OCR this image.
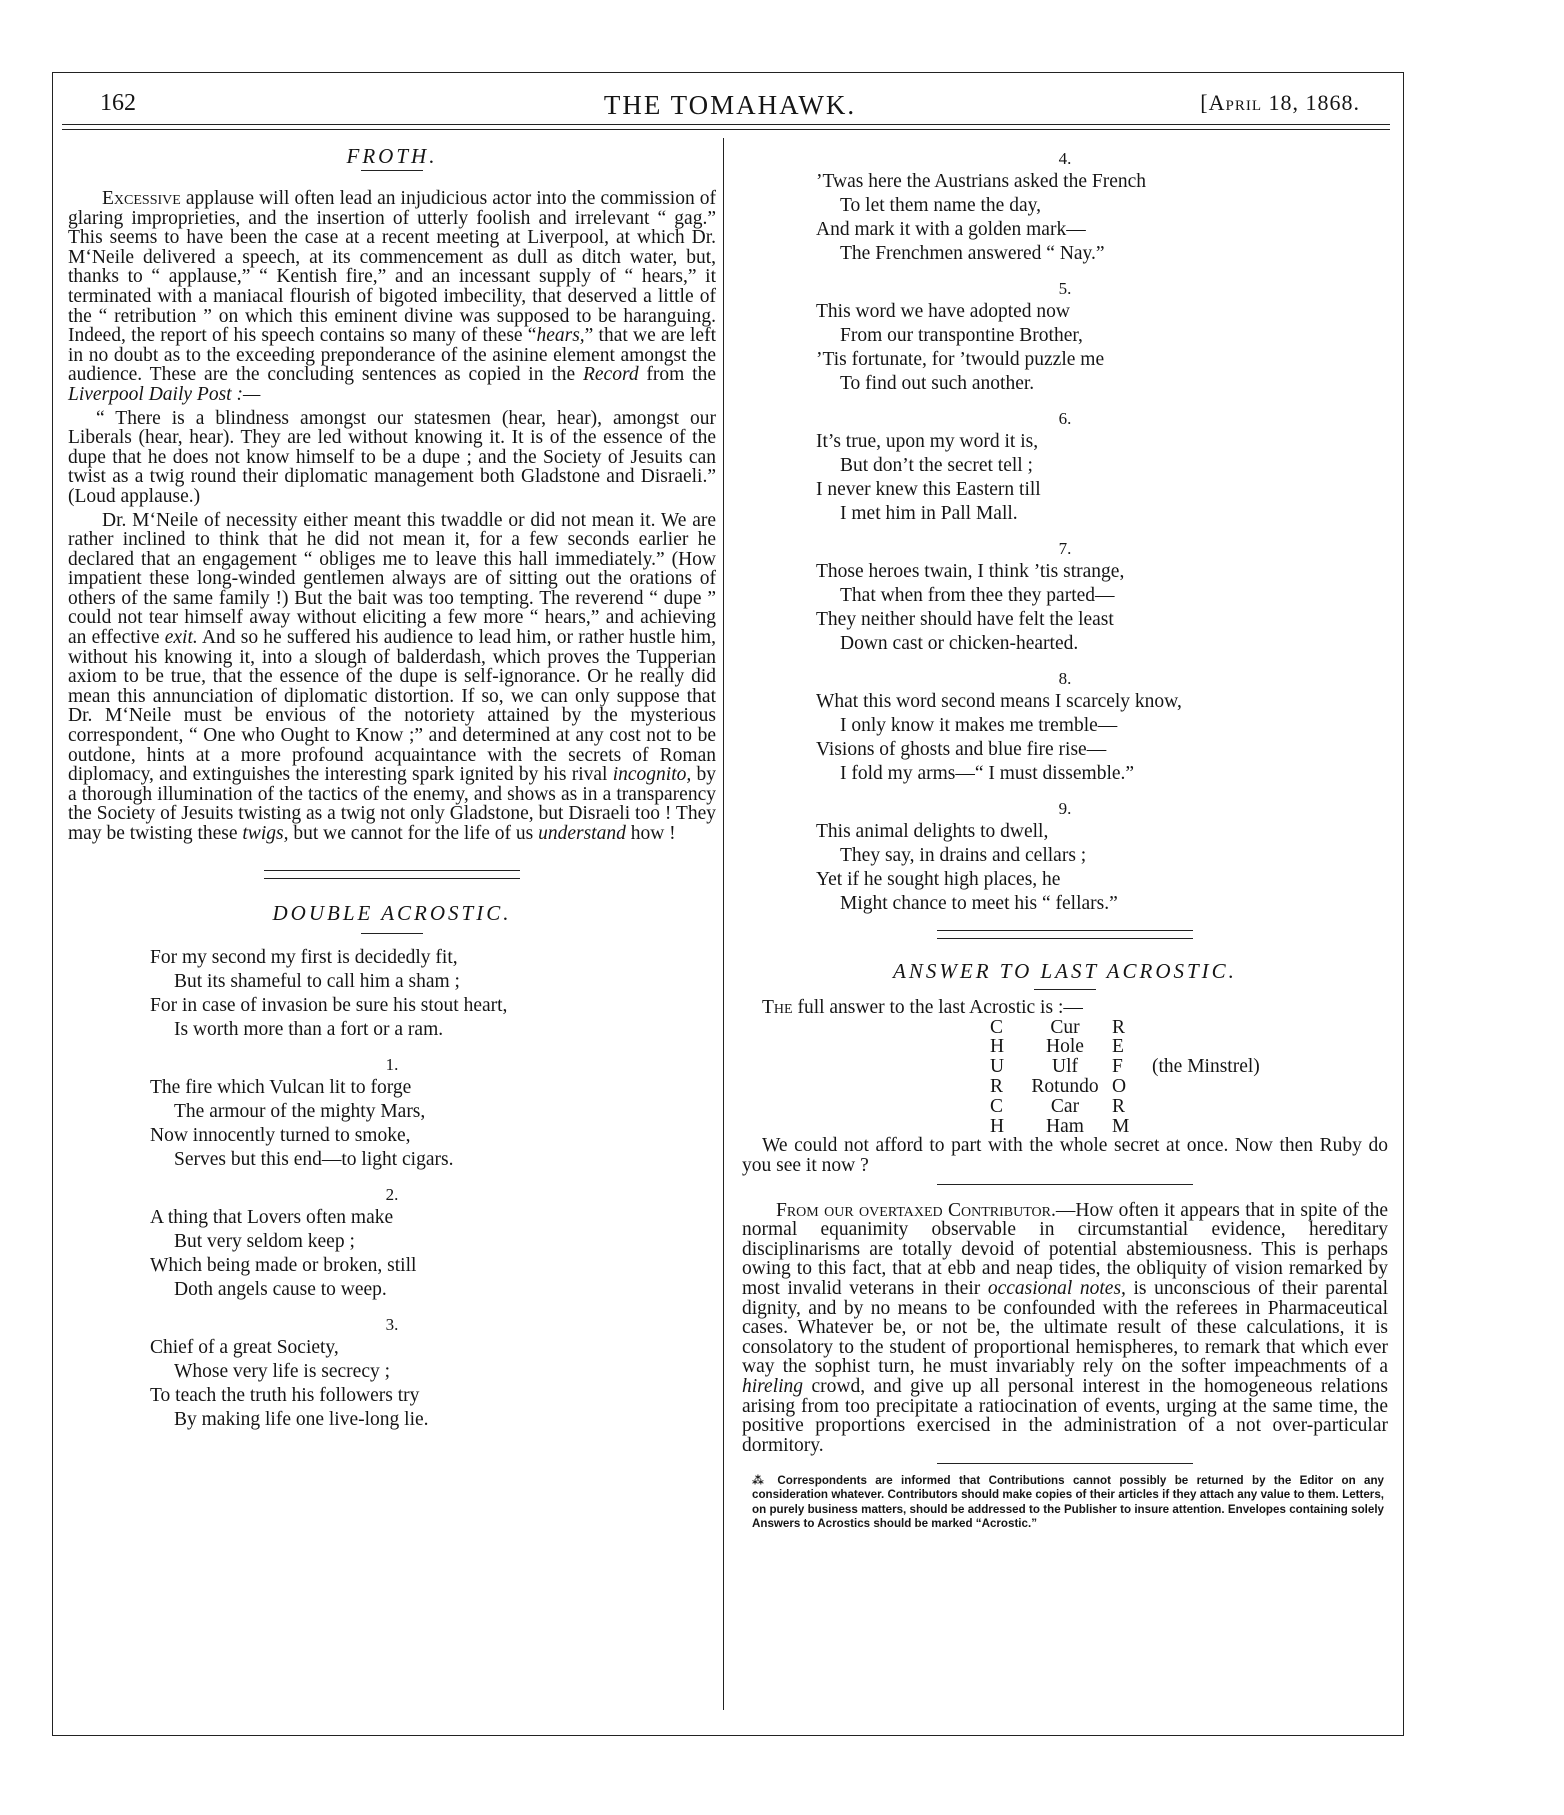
162	THE TOMAHAWK.	[April 18, 1868.
FROTH.

Excessive applause will often lead an injudicious actor into the commission of glaring improprieties, and the insertion of utterly foolish and irrelevant “ gag.” This seems to have been the case at a recent meeting at Liverpool, at which Dr. M‘Neile delivered a speech, at its commencement as dull as ditch water, but, thanks to “ applause,” “ Kentish fire,” and an incessant supply of “ hears,” it terminated with a maniacal flourish of bigoted imbecility, that deserved a little of the “ retribution ” on which this eminent divine was supposed to be haranguing. Indeed, the report of his speech contains so many of these “hears,” that we are left in no doubt as to the exceeding preponderance of the asinine element amongst the audience. These are the concluding sentences as copied in the Record from the Liverpool Daily Post :—

“ There is a blindness amongst our statesmen (hear, hear), amongst our Liberals (hear, hear). They are led without knowing it. It is of the essence of the dupe that he does not know himself to be a dupe ; and the Society of Jesuits can twist as a twig round their diplomatic management both Gladstone and Disraeli.” (Loud applause.)

Dr. M‘Neile of necessity either meant this twaddle or did not mean it. We are rather inclined to think that he did not mean it, for a few seconds earlier he declared that an engagement “ obliges me to leave this hall immediately.” (How impatient these long-winded gentlemen always are of sitting out the orations of others of the same family !) But the bait was too tempting. The reverend “ dupe ” could not tear himself away without eliciting a few more “ hears,” and achieving an effective exit. And so he suffered his audience to lead him, or rather hustle him, without his knowing it, into a slough of balderdash, which proves the Tupperian axiom to be true, that the essence of the dupe is self-ignorance. Or he really did mean this annunciation of diplomatic distortion. If so, we can only suppose that Dr. M‘Neile must be envious of the notoriety attained by the mysterious correspondent, “ One who Ought to Know ;” and determined at any cost not to be outdone, hints at a more profound acquaintance with the secrets of Roman diplomacy, and extinguishes the interesting spark ignited by his rival incognito, by a thorough illumination of the tactics of the enemy, and shows as in a transparency the Society of Jesuits twisting as a twig not only Gladstone, but Disraeli too ! They may be twisting these twigs, but we cannot for the life of us understand how !

DOUBLE ACROSTIC.
For my second my first is decidedly fit,
But its shameful to call him a sham ;
For in case of invasion be sure his stout heart,
Is worth more than a fort or a ram.
1.
The fire which Vulcan lit to forge
The armour of the mighty Mars,
Now innocently turned to smoke,
Serves but this end—to light cigars.
2.
A thing that Lovers often make
But very seldom keep ;
Which being made or broken, still
Doth angels cause to weep.
3.
Chief of a great Society,
Whose very life is secrecy ;
To teach the truth his followers try
By making life one live-long lie.
4.
’Twas here the Austrians asked the French
To let them name the day,
And mark it with a golden mark—
The Frenchmen answered “ Nay.”
5.
This word we have adopted now
From our transpontine Brother,
’Tis fortunate, for ’twould puzzle me
To find out such another.
6.
It’s true, upon my word it is,
But don’t the secret tell ;
I never knew this Eastern till
I met him in Pall Mall.
7.
Those heroes twain, I think ’tis strange,
That when from thee they parted—
They neither should have felt the least
Down cast or chicken-hearted.
8.
What this word second means I scarcely know,
I only know it makes me tremble—
Visions of ghosts and blue fire rise—
I fold my arms—“ I must dissemble.”
9.
This animal delights to dwell,
They say, in drains and cellars ;
Yet if he sought high places, he
Might chance to meet his “ fellars.”
ANSWER TO LAST ACROSTIC.

The full answer to the last Acrostic is :—

C	Cur	R	
H	Hole	E	
U	Ulf	F	(the Minstrel)
R	Rotundo	O	
C	Car	R	
H	Ham	M	

We could not afford to part with the whole secret at once. Now then Ruby do you see it now ?

From our overtaxed Contributor.—How often it appears that in spite of the normal equanimity observable in circumstantial evidence, hereditary disciplinarisms are totally devoid of potential abstemiousness. This is perhaps owing to this fact, that at ebb and neap tides, the obliquity of vision remarked by most invalid veterans in their occasional notes, is unconscious of their parental dignity, and by no means to be confounded with the referees in Pharmaceutical cases. Whatever be, or not be, the ultimate result of these calculations, it is consolatory to the student of proportional hemispheres, to remark that which ever way the sophist turn, he must invariably rely on the softer impeachments of a hireling crowd, and give up all personal interest in the homogeneous relations arising from too precipitate a ratiocination of events, urging at the same time, the positive proportions exercised in the administration of a not over-particular dormitory.

⁂ Correspondents are informed that Contributions cannot possibly be returned by the Editor on any consideration whatever. Contributors should make copies of their articles if they attach any value to them. Letters, on purely business matters, should be addressed to the Publisher to insure attention. Envelopes containing solely Answers to Acrostics should be marked “Acrostic.”
